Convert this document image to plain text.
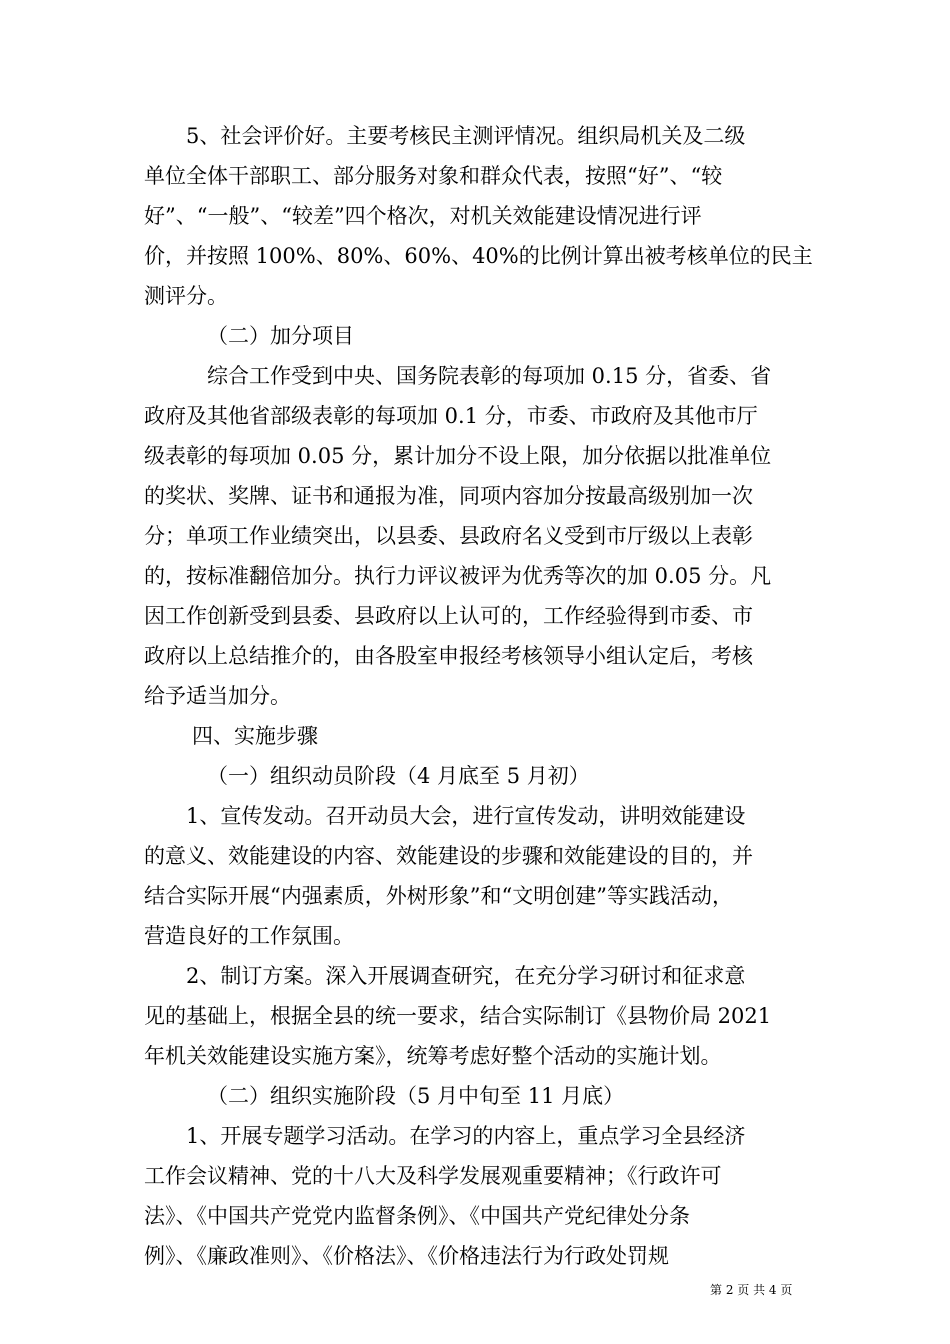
5、社会评价好。主要考核民主测评情况。组织局机关及二级
单位全体干部职工、部分服务对象和群众代表，按照“好”、“较
好”、“一般”、“较差”四个格次，对机关效能建设情况进行评
价，并按照 100%、80%、60%、40%的比例计算出被考核单位的民主
测评分。
（二）加分项目
综合工作受到中央、国务院表彰的每项加 0.15 分，省委、省
政府及其他省部级表彰的每项加 0.1 分，市委、市政府及其他市厅
级表彰的每项加 0.05 分，累计加分不设上限，加分依据以批准单位
的奖状、奖牌、证书和通报为准，同项内容加分按最高级别加一次
分；单项工作业绩突出，以县委、县政府名义受到市厅级以上表彰
的，按标准翻倍加分。执行力评议被评为优秀等次的加 0.05 分。凡
因工作创新受到县委、县政府以上认可的，工作经验得到市委、市
政府以上总结推介的，由各股室申报经考核领导小组认定后，考核
给予适当加分。
四、实施步骤
（一）组织动员阶段（4 月底至 5 月初）
1、宣传发动。召开动员大会，进行宣传发动，讲明效能建设
的意义、效能建设的内容、效能建设的步骤和效能建设的目的，并
结合实际开展“内强素质，外树形象”和“文明创建”等实践活动，
营造良好的工作氛围。
2、制订方案。深入开展调查研究，在充分学习研讨和征求意
见的基础上，根据全县的统一要求，结合实际制订《县物价局 2021
年机关效能建设实施方案》，统筹考虑好整个活动的实施计划。
（二）组织实施阶段（5 月中旬至 11 月底）
1、开展专题学习活动。在学习的内容上，重点学习全县经济
工作会议精神、党的十八大及科学发展观重要精神；《行政许可
法》、《中国共产党党内监督条例》、《中国共产党纪律处分条
例》、《廉政准则》、《价格法》、《价格违法行为行政处罚规
第 2 页 共 4 页
